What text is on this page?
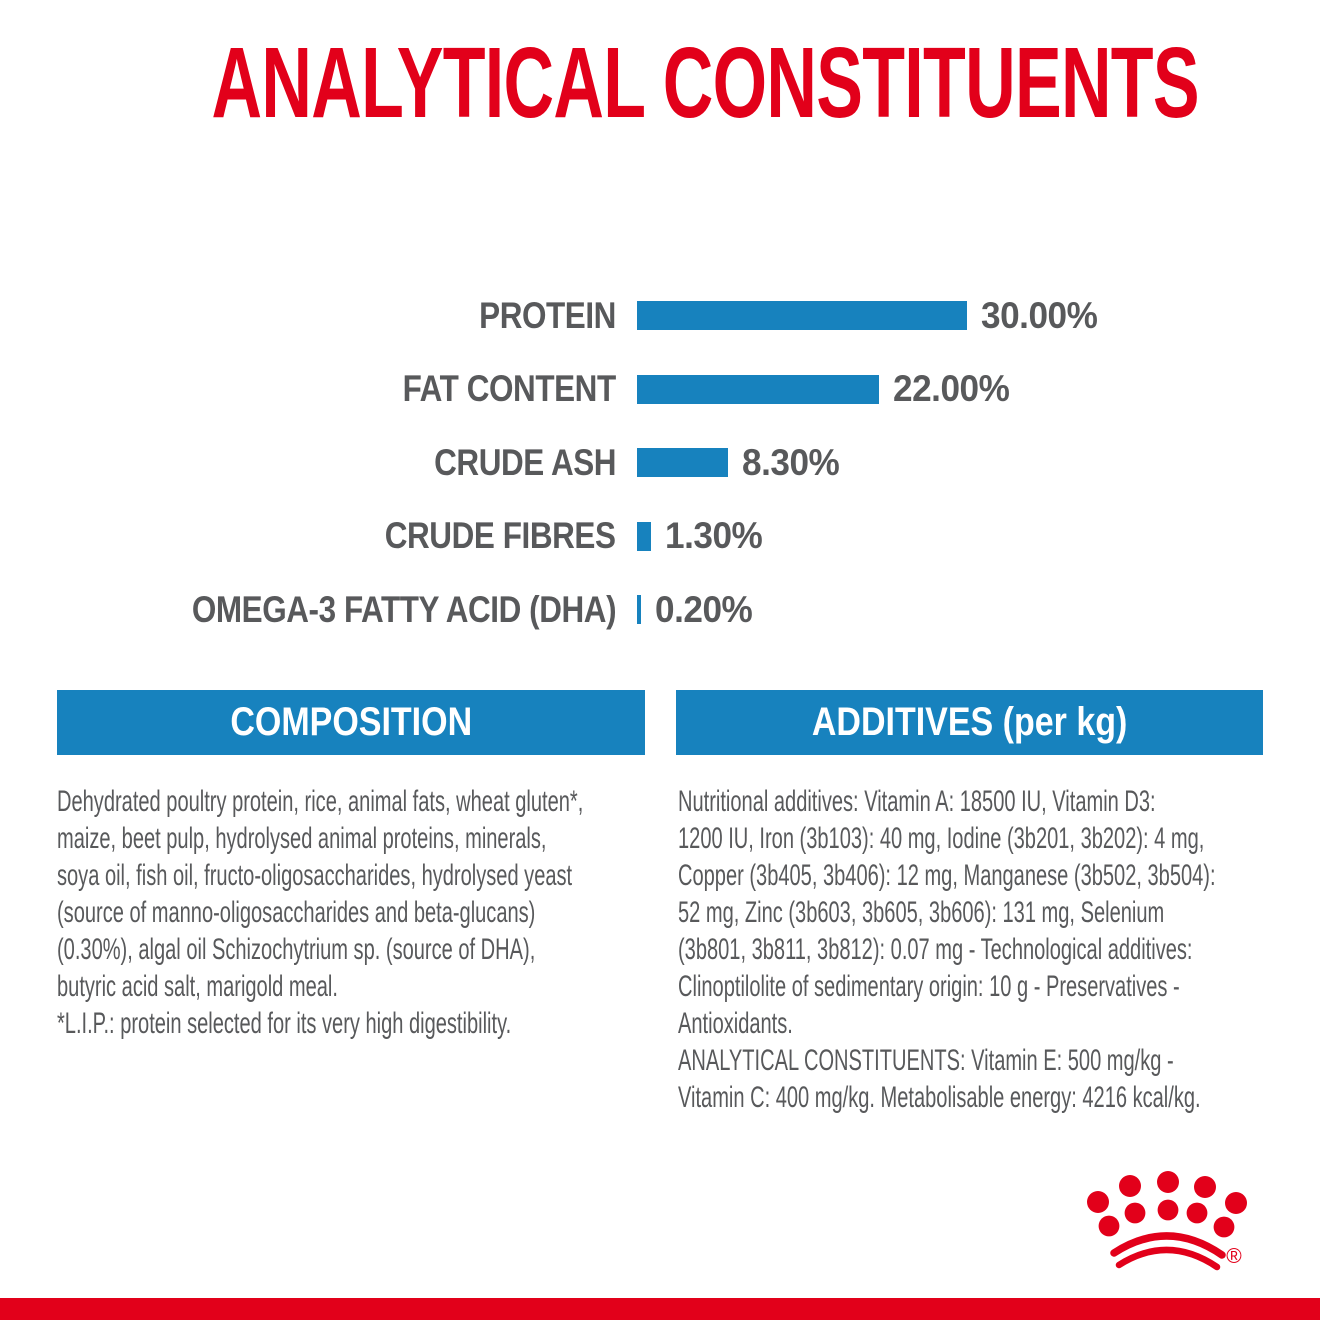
ANALYTICAL CONSTITUENTS
PROTEIN	30.00%
FAT CONTENT	22.00%
CRUDE ASH	8.30%
CRUDE FIBRES	1.30%
OMEGA-3 FATTY ACID (DHA)	0.20%
COMPOSITION	ADDITIVES (per kg)
Dehydrated poultry protein, rice, animal fats, wheat gluten*,
maize, beet pulp, hydrolysed animal proteins, minerals,
soya oil, fish oil, fructo-oligosaccharides, hydrolysed yeast
(source of manno-oligosaccharides and beta-glucans)
(0.30%), algal oil Schizochytrium sp. (source of DHA),
butyric acid salt, marigold meal.
*L.I.P.: protein selected for its very high digestibility.
Nutritional additives: Vitamin A: 18500 IU, Vitamin D3:
1200 IU, Iron (3b103): 40 mg, Iodine (3b201, 3b202): 4 mg,
Copper (3b405, 3b406): 12 mg, Manganese (3b502, 3b504):
52 mg, Zinc (3b603, 3b605, 3b606): 131 mg, Selenium
(3b801, 3b811, 3b812): 0.07 mg - Technological additives:
Clinoptilolite of sedimentary origin: 10 g - Preservatives -
Antioxidants.
ANALYTICAL CONSTITUENTS: Vitamin E: 500 mg/kg -
Vitamin C: 400 mg/kg. Metabolisable energy: 4216 kcal/kg.
®
